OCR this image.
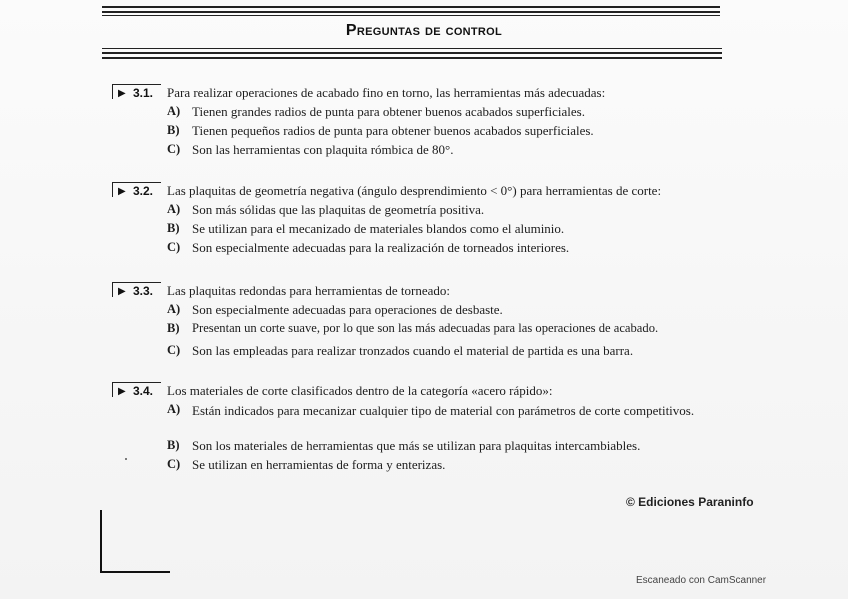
Preguntas de control
▶ 3.1. Para realizar operaciones de acabado fino en torno, las herramientas más adecuadas:
A) Tienen grandes radios de punta para obtener buenos acabados superficiales.
B) Tienen pequeños radios de punta para obtener buenos acabados superficiales.
C) Son las herramientas con plaquita rómbica de 80°.
▶ 3.2. Las plaquitas de geometría negativa (ángulo desprendimiento < 0°) para herramientas de corte:
A) Son más sólidas que las plaquitas de geometría positiva.
B) Se utilizan para el mecanizado de materiales blandos como el aluminio.
C) Son especialmente adecuadas para la realización de torneados interiores.
▶ 3.3. Las plaquitas redondas para herramientas de torneado:
A) Son especialmente adecuadas para operaciones de desbaste.
B) Presentan un corte suave, por lo que son las más adecuadas para las operaciones de acabado.
C) Son las empleadas para realizar tronzados cuando el material de partida es una barra.
▶ 3.4. Los materiales de corte clasificados dentro de la categoría «acero rápido»:
A) Están indicados para mecanizar cualquier tipo de material con parámetros de corte competitivos.
B) Son los materiales de herramientas que más se utilizan para plaquitas intercambiables.
C) Se utilizan en herramientas de forma y enterizas.
© Ediciones Paraninfo
Escaneado con CamScanner
